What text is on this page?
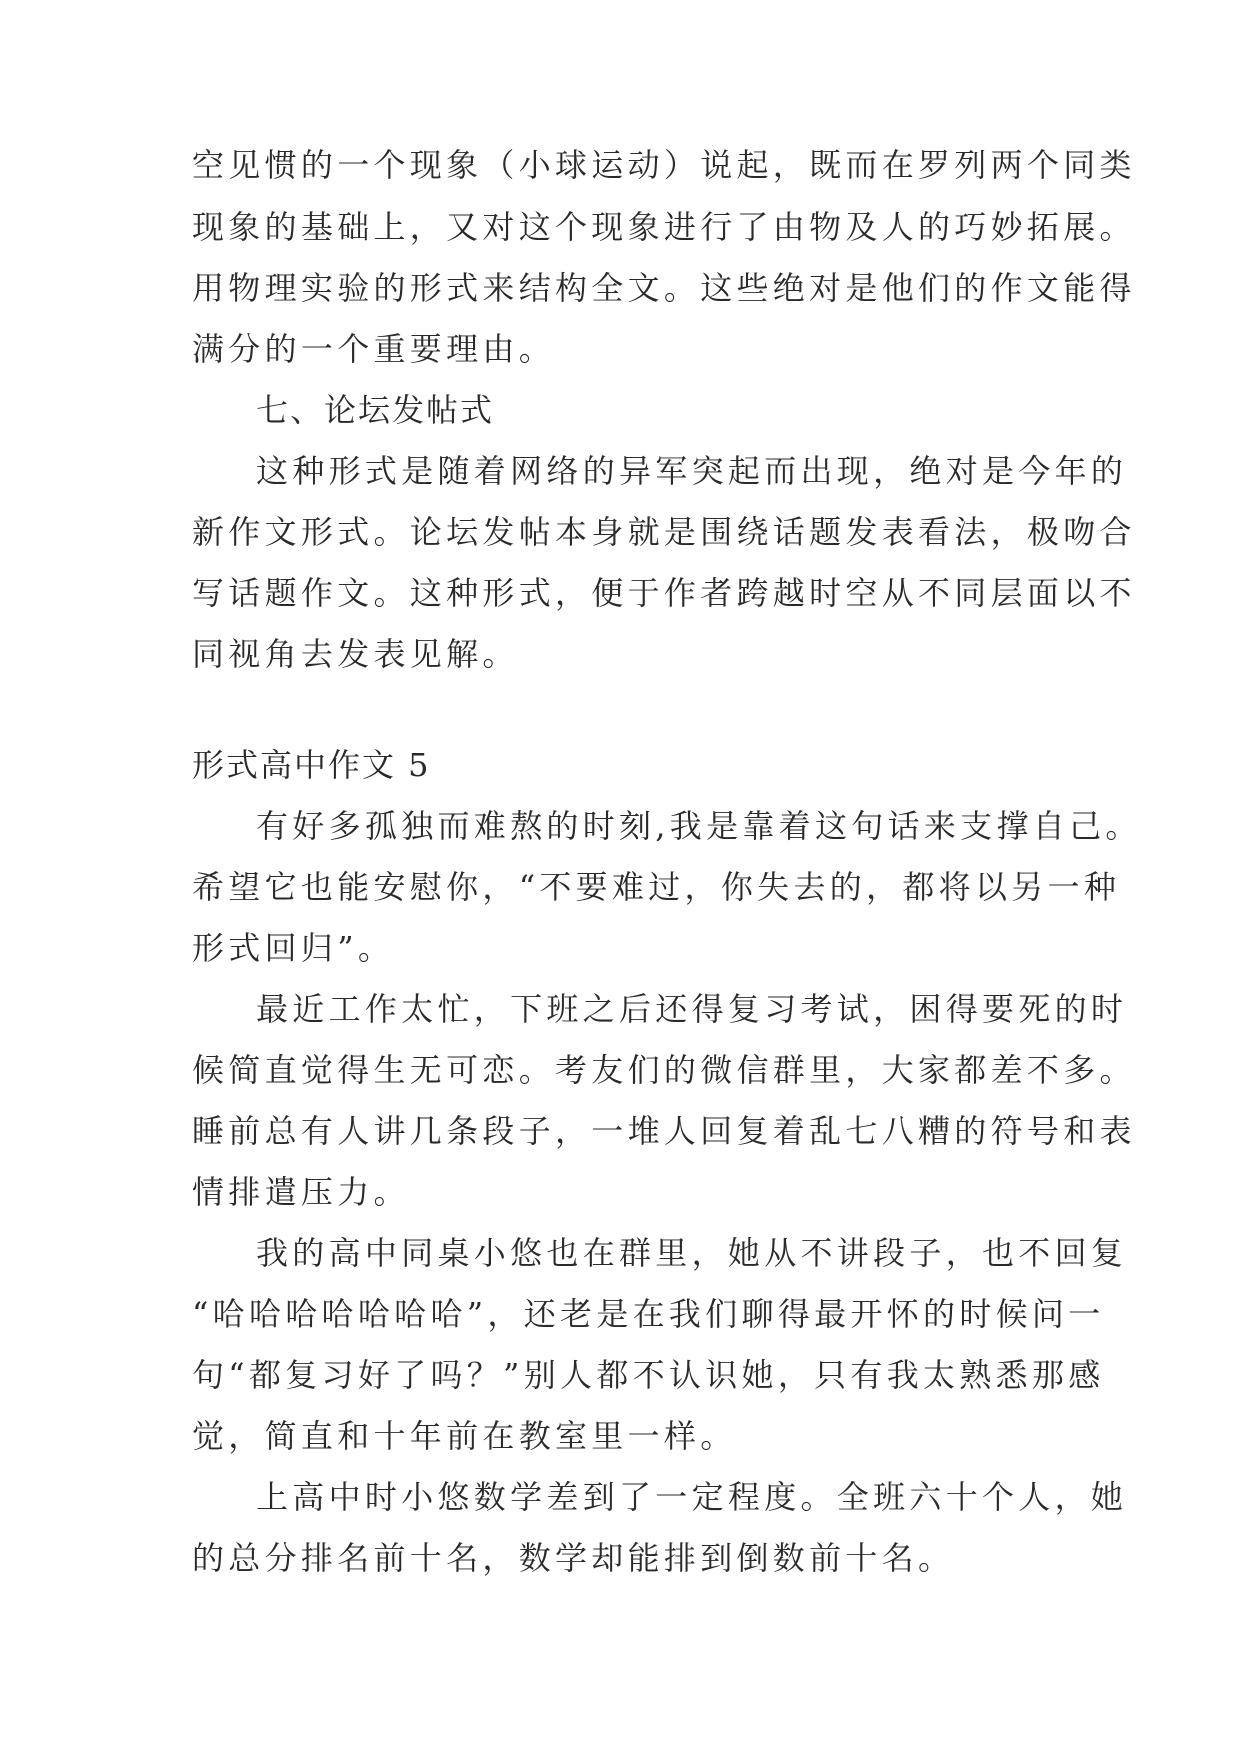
空见惯的一个现象（小球运动）说起，既而在罗列两个同类
现象的基础上，又对这个现象进行了由物及人的巧妙拓展。
用物理实验的形式来结构全文。这些绝对是他们的作文能得
满分的一个重要理由。
七、论坛发帖式
这种形式是随着网络的异军突起而出现，绝对是今年的
新作文形式。论坛发帖本身就是围绕话题发表看法，极吻合
写话题作文。这种形式，便于作者跨越时空从不同层面以不
同视角去发表见解。
形式高中作文 5
有好多孤独而难熬的时刻,我是靠着这句话来支撑自己。
希望它也能安慰你，“不要难过，你失去的，都将以另一种
形式回归”。
最近工作太忙，下班之后还得复习考试，困得要死的时
候简直觉得生无可恋。考友们的微信群里，大家都差不多。
睡前总有人讲几条段子，一堆人回复着乱七八糟的符号和表
情排遣压力。
我的高中同桌小悠也在群里，她从不讲段子，也不回复
“哈哈哈哈哈哈哈”，还老是在我们聊得最开怀的时候问一
句“都复习好了吗？”别人都不认识她，只有我太熟悉那感
觉，简直和十年前在教室里一样。
上高中时小悠数学差到了一定程度。全班六十个人，她
的总分排名前十名，数学却能排到倒数前十名。
